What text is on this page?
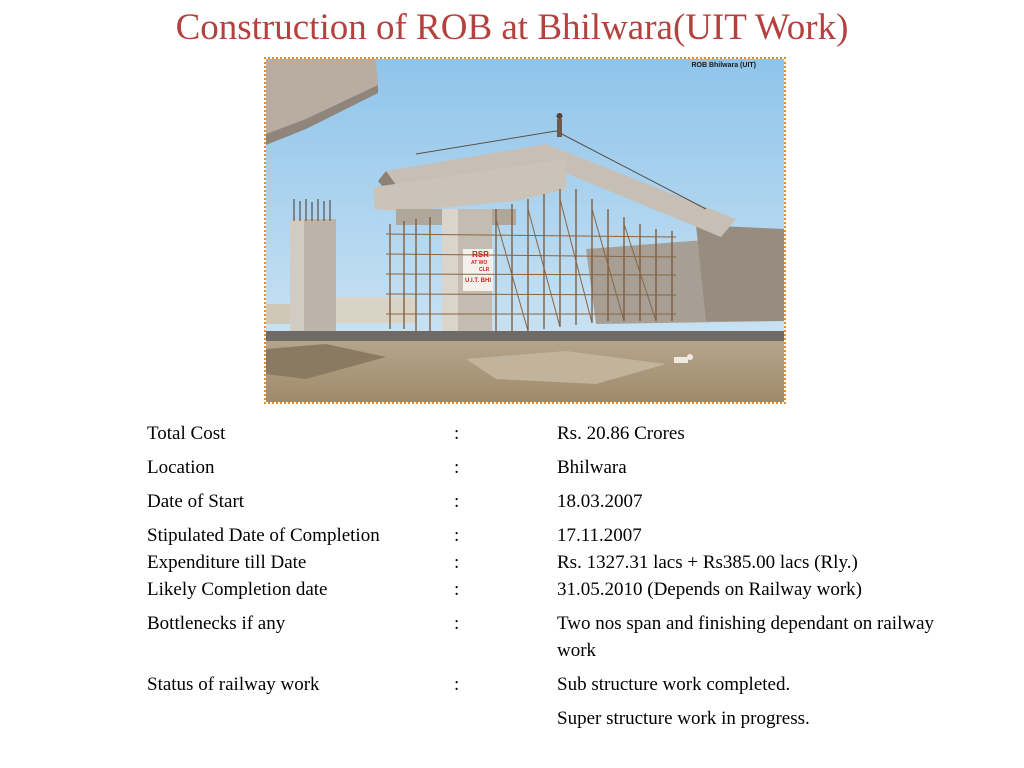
Construction of ROB at Bhilwara(UIT Work)
ROB Bhilwara (UIT)
RSR
AT WO
CLR
U.I.T. BHI
Total Cost	:	Rs. 20.86 Crores
Location	:	Bhilwara
Date of Start	:	18.03.2007
Stipulated Date of Completion	:	17.11.2007
Expenditure till Date	:	Rs. 1327.31 lacs + Rs385.00 lacs (Rly.)
Likely Completion date	:	31.05.2010 (Depends on Railway work)
Bottlenecks if any	:	Two nos span and finishing dependant on railway work
Status of railway work	:	Sub structure work completed.
Super structure work in progress.
